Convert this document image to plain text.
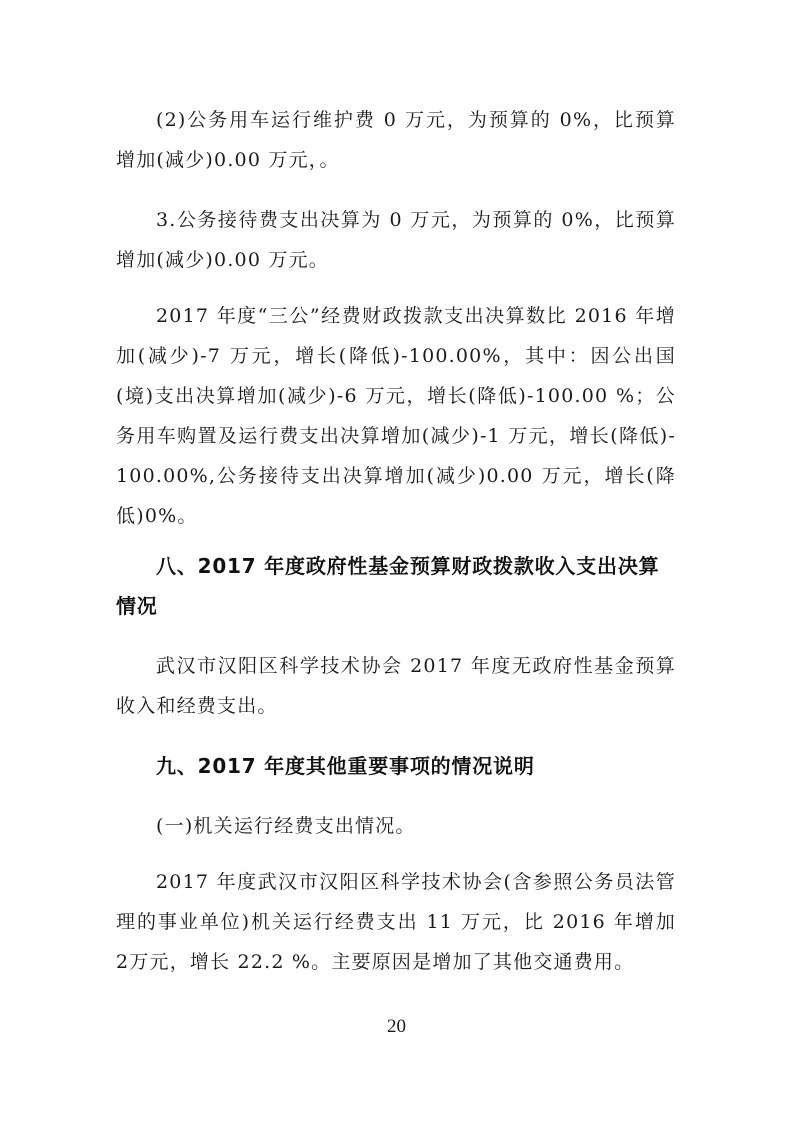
(2)公务用车运行维护费 0 万元，为预算的 0%，比预算增加(减少)0.00 万元，。

3.公务接待费支出决算为 0 万元，为预算的 0%，比预算增加(减少)0.00 万元。

2017 年度“三公”经费财政拨款支出决算数比 2016 年增加(减少)-7 万元，增长(降低)-100.00%，其中：因公出国(境)支出决算增加(减少)-6 万元，增长(降低)-100.00 %；公务用车购置及运行费支出决算增加(减少)-1 万元，增长(降低)-100.00%,公务接待支出决算增加(减少)0.00 万元，增长(降低)0%。

八、2017 年度政府性基金预算财政拨款收入支出决算情况

武汉市汉阳区科学技术协会 2017 年度无政府性基金预算收入和经费支出。

九、2017 年度其他重要事项的情况说明

(一)机关运行经费支出情况。

2017 年度武汉市汉阳区科学技术协会(含参照公务员法管理的事业单位)机关运行经费支出 11 万元，比 2016 年增加 2万元，增长 22.2 %。主要原因是增加了其他交通费用。

20
